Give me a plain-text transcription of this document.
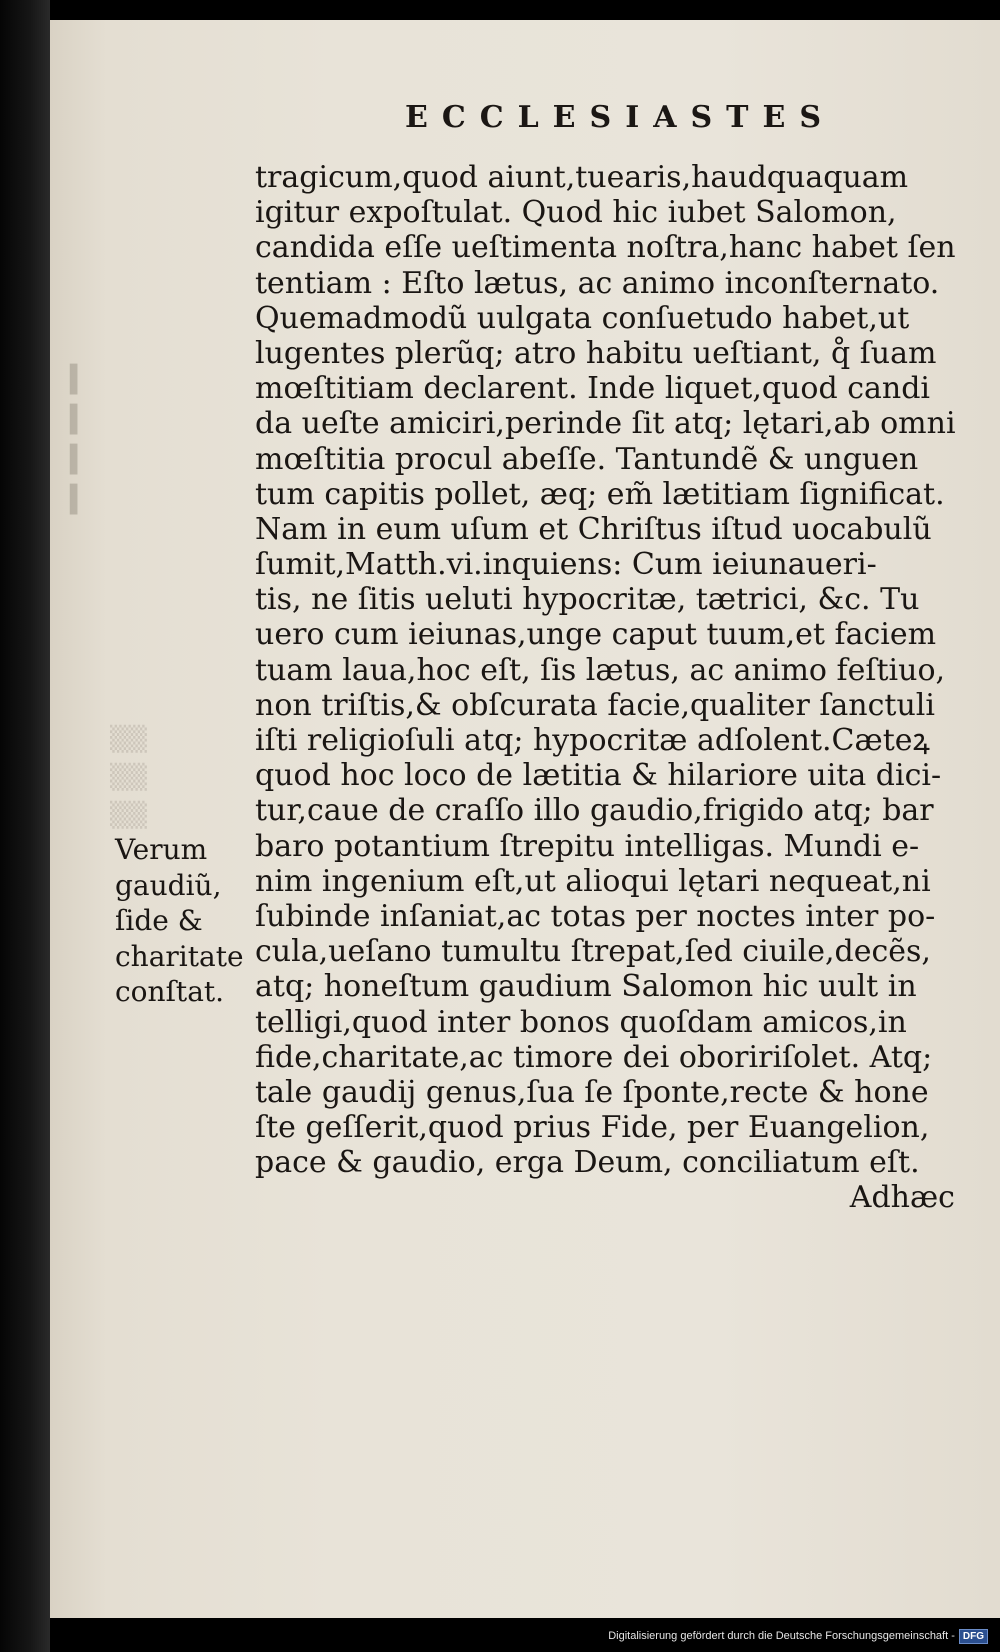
▍
▍
▍
▍
▒▒
▒▒
▒▒
ECCLESIASTES
tragicum,quod aiunt,tuearis,haudquaquam
igitur expoſtulat. Quod hic iubet Salomon,
candida eſſe ueſtimenta noſtra,hanc habet ſen
tentiam : Eſto lætus, ac animo inconſternato.
Quemadmodũ uulgata conſuetudo habet,ut
lugentes plerũq; atro habitu ueſtiant, q̊ ſuam
mœſtitiam declarent. Inde liquet,quod candi
da ueſte amiciri,perinde ſit atq; lętari,ab omni
mœſtitia procul abeſſe. Tantundẽ & unguen
tum capitis pollet, æq; em̃ lætitiam ſignificat.
Nam in eum uſum et Chriſtus iſtud uocabulũ
ſumit,Matth.vi.inquiens: Cum ieiunaueri-
tis, ne ſitis ueluti hypocritæ, tætrici, &c. Tu
uero cum ieiunas,unge caput tuum,et faciem
tuam laua,hoc eſt, ſis lætus, ac animo feſtiuo,
non triſtis,& obſcurata facie,qualiter ſanctuli
iſti religioſuli atq; hypocritæ adſolent.Cæteꝝ
quod hoc loco de lætitia & hilariore uita dici-
tur,caue de craſſo illo gaudio,frigido atq; bar
baro potantium ſtrepitu intelligas. Mundi e-
nim ingenium eſt,ut alioqui lętari nequeat,ni
ſubinde inſaniat,ac totas per noctes inter po-
cula,ueſano tumultu ſtrepat,ſed ciuile,decẽs,
atq; honeſtum gaudium Salomon hic uult in
telligi,quod inter bonos quoſdam amicos,in
fide,charitate,ac timore dei oboririſolet. Atq;
tale gaudij genus,ſua ſe ſponte,recte & hone
ſte geſſerit,quod prius Fide, per Euangelion,
pace & gaudio, erga Deum, conciliatum eſt.
Adhæc
Verum
gaudiũ,
ſide &
charitate
conſtat.
Digitalisierung gefördert durch die Deutsche Forschungsgemeinschaft - DFG
